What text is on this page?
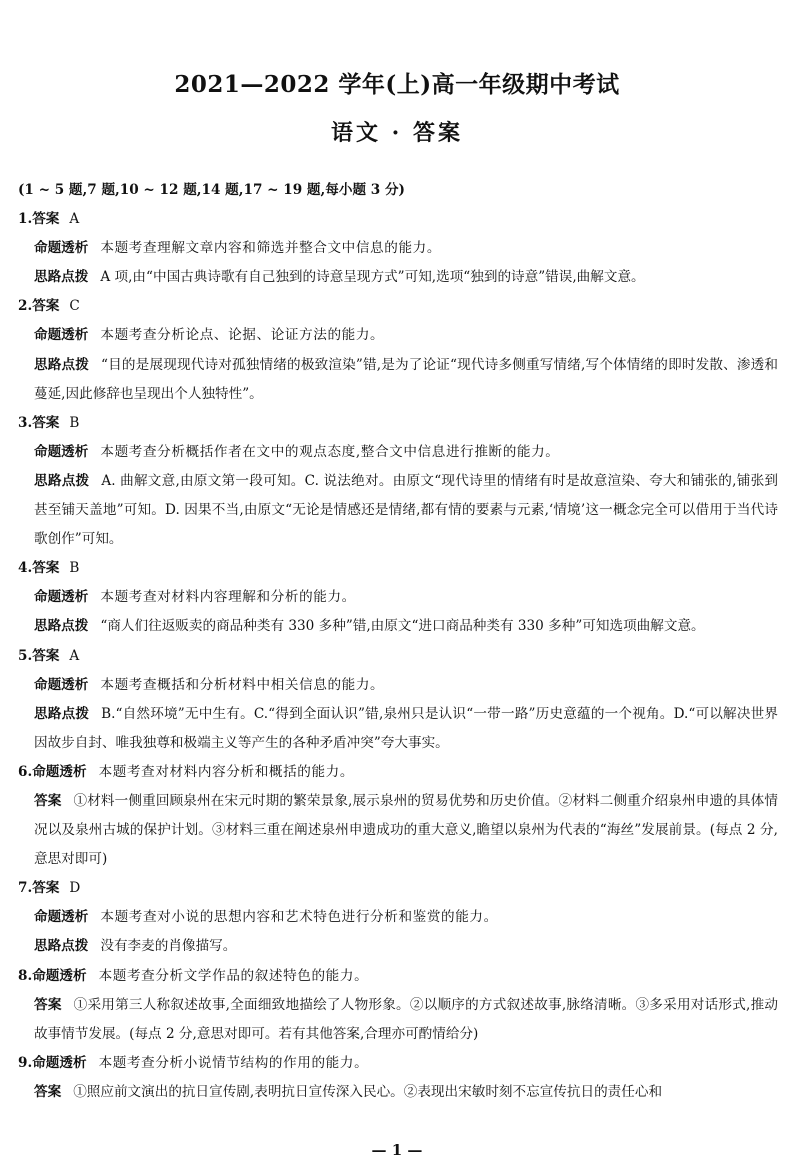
2021—2022 学年(上)高一年级期中考试
语文 · 答案
(1 ~ 5 题,7 题,10 ~ 12 题,14 题,17 ~ 19 题,每小题 3 分)
1.答案 A
命题透析 本题考查理解文章内容和筛选并整合文中信息的能力。
思路点拨 A 项,由“中国古典诗歌有自己独到的诗意呈现方式”可知,选项“独到的诗意”错误,曲解文意。
2.答案 C
命题透析 本题考查分析论点、论据、论证方法的能力。
思路点拨 “目的是展现现代诗对孤独情绪的极致渲染”错,是为了论证“现代诗多侧重写情绪,写个体情绪的即时发散、渗透和蔓延,因此修辞也呈现出个人独特性”。
3.答案 B
命题透析 本题考查分析概括作者在文中的观点态度,整合文中信息进行推断的能力。
思路点拨 A. 曲解文意,由原文第一段可知。C. 说法绝对。由原文“现代诗里的情绪有时是故意渲染、夸大和铺张的,铺张到甚至铺天盖地”可知。D. 因果不当,由原文“无论是情感还是情绪,都有情的要素与元素,‘情境’这一概念完全可以借用于当代诗歌创作”可知。
4.答案 B
命题透析 本题考查对材料内容理解和分析的能力。
思路点拨 “商人们往返贩卖的商品种类有 330 多种”错,由原文“进口商品种类有 330 多种”可知选项曲解文意。
5.答案 A
命题透析 本题考查概括和分析材料中相关信息的能力。
思路点拨 B.“自然环境”无中生有。C.“得到全面认识”错,泉州只是认识“一带一路”历史意蕴的一个视角。D.“可以解决世界因故步自封、唯我独尊和极端主义等产生的各种矛盾冲突”夸大事实。
6.命题透析 本题考查对材料内容分析和概括的能力。
答案 ①材料一侧重回顾泉州在宋元时期的繁荣景象,展示泉州的贸易优势和历史价值。②材料二侧重介绍泉州申遗的具体情况以及泉州古城的保护计划。③材料三重在阐述泉州申遗成功的重大意义,瞻望以泉州为代表的“海丝”发展前景。(每点 2 分,意思对即可)
7.答案 D
命题透析 本题考查对小说的思想内容和艺术特色进行分析和鉴赏的能力。
思路点拨 没有李麦的肖像描写。
8.命题透析 本题考查分析文学作品的叙述特色的能力。
答案 ①采用第三人称叙述故事,全面细致地描绘了人物形象。②以顺序的方式叙述故事,脉络清晰。③多采用对话形式,推动故事情节发展。(每点 2 分,意思对即可。若有其他答案,合理亦可酌情给分)
9.命题透析 本题考查分析小说情节结构的作用的能力。
答案 ①照应前文演出的抗日宣传剧,表明抗日宣传深入民心。②表现出宋敏时刻不忘宣传抗日的责任心和
— 1 —
